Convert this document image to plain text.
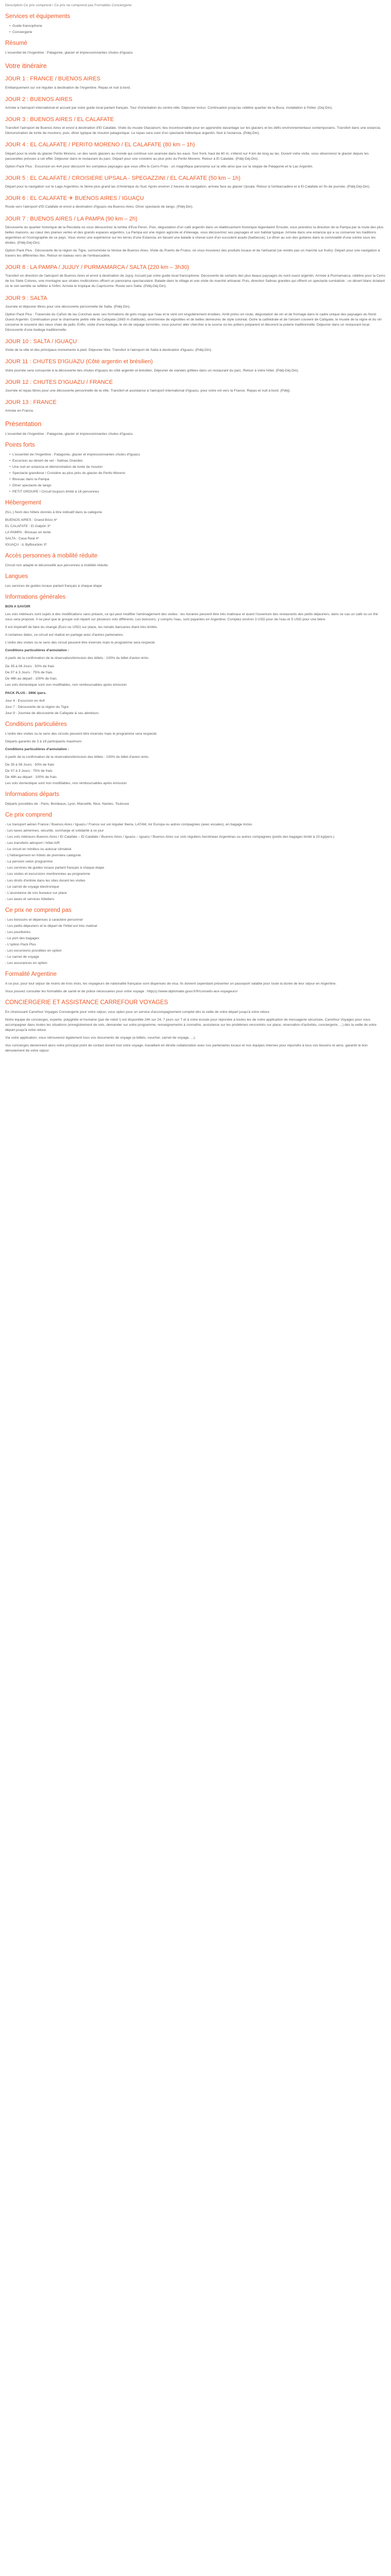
Description Ce prix comprend / Ce prix ne comprend pas Formalités Conciergerie
Services et équipements
• Guide francophone
• Conciergerie
Résumé

L'essentiel de l'Argentine : Patagonie, glacier et impressionnantes chutes d'Iguazu

Votre itinéraire
JOUR 1 : FRANCE / BUENOS AIRES

Embarquement sur vol régulier à destination de l'Argentine. Repas et nuit à bord.

JOUR 2 : BUENOS AIRES

Arrivée à l'aéroport international et accueil par votre guide local parlant français. Tour d'orientation du centre-ville. Déjeuner inclus. Continuation jusqu'au célèbre quartier de la Boca. Installation à l'hôtel. (Dej-Din).

JOUR 3 : BUENOS AIRES / EL CALAFATE

Transfert l'aéroport de Buenos Aires et envol à destination d'El Calafate. Visite du musée Glaciarium, lieu incontournable pour en apprendre davantage sur les glaciers et les défis environnementaux contemporains. Transfert dans une estancia. Démonstration de tonte de moutons, puis, dîner typique de mouton patagonique. Le repas sera suivi d'un spectacle folklorique argentin. Nuit à l'estancia. (Pdéj-Din).

JOUR 4 : EL CALAFATE / PERITO MORENO / EL CALAFATE (80 km – 1h)

Départ pour la visite du glacier Perito Moreno, un des seuls glaciers au monde qui continue son avancée dans les eaux. Son front, haut de 60 m, s'étend sur 4 km de long au lac. Durant votre visite, vous observerez le glacier depuis les passerelles prévues à cet effet. Déjeuner dans le restaurant du parc. Départ pour une croisière au plus près du Perito Moreno. Retour à El Calafate. (Pdéj-Déj-Din).

Option Pack Plus : Excursion en 4x4 pour découvrir les sompteux paysages que vous offre le Cerro Frias : un magnifique panorama sur la ville ainsi que sur la steppe de Patagonie et le Lac Argentin.

JOUR 5 : EL CALAFATE / CROISIERE UPSALA - SPEGAZZINI / EL CALAFATE (50 km – 1h)

Départ pour la navigation sur le Lago Argentino, le 3ème plus grand lac d'Amérique du Sud. Après environ 2 heures de navigation, arrivée face au glacier Upsala. Retour à l'embarcadère et à El Calafate en fin de journée. (Pdéj-Déj-Din).

JOUR 6 : EL CALAFATE ✈ BUENOS AIRES / IGUAÇU

Route vers l'aéroport d'El Calafate et envol à destination d'Iguazu via Buenos Aires. Dîner spectacle de tango. (Pdéj-Din).

JOUR 7 : BUENOS AIRES / LA PAMPA (90 km – 2h)

Découverte du quartier historique de la Recoleta où vous découvrirez la tombe d'Eva Peron. Puis, dégustation d'un café argentin dans un établissement historique légendaire! Ensuite, vous prendrez la direction de la Pampa par la route des plus belles maisons, au cœur des plaines vertes et des grands espaces argentins. La Pampa est une région agricole et d'élevage, vous découvrirez ses paysages et son habitat typique. Arrivée dans une estancia qui a su conserver les traditions argentines et l'iconographie de ce pays. Vous vivrez une expérience sur les terres d'une Estancia, en faisant une balade à cheval suivi d'un succulent asado (barbecue). Le dîner au son des guitares dans la convivialité d'une soirée sous les étoiles. (Pdéj-Déj-Din).

Option Pack Plus : Découverte de la région du Tigre, surnommée la Venise de Buenos Aires. Visite du Puerto de Frutos, où vous trouverez des produits locaux et de l'artisanat (se rendre pas un marché sur fruits). Départ pour une navigation à travers les différentes îles. Retour en bateau vers de l'embarcadère.

JOUR 8 : LA PAMPA / JUJUY / PURMAMARCA / SALTA (220 km – 3h30)

Transfert en direction de l'aéroport de Buenos Aires et envol à destination de Jujuy. Accueil par votre guide local francophone. Découverte de certains des plus beaux paysages du nord ouest argentin. Arrivée à Purmamarca, célèbre pour la Cerro de los Siete Colores, une montagne aux strates multicolores offrant un panorama spectaculaire. Balade dans le village et une visite du marché artisanal. Puis, direction Salinas grandes qui offrent un spectacle surréaliste : un désert blanc éclatant où le ciel semble se refléter à l'infini. Arrivée le tropique du Capricorne. Route vers Salta. (Pdéj-Déj-Din).

JOUR 9 : SALTA

Journée et déjeuner libres pour une découverte personnelle de Salta. (Pdéj-Din).

Option Pack Plus : Traversée du Cañon de las Conchas avec ses formations de grès rouge que l'eau et le vent ont singulièrement érodées. Arrêt prévu en route, dégustation de vin et de fromage dans le cadre unique des paysages du Nord-Ouest Argentin. Continuation pour le charmante petite ville de Cafayate (1683 m d'altitude), environnée de vignobles et de belles demeures de style colonial. Outre la cathédrale et de l'ancien couvent de Cafayate, le musée de la vigne et du vin conserve le souvenir des vieux chais de jadis. Enfin, visite d'une bodega, le vin de cépage torrontés, vous pourrez aller chercher à la source où les potiers préparent et décorent la poterie traditionnelle. Déjeuner dans un restaurant local. Découverte d'une bodega traditionnelle.

JOUR 10 : SALTA / IGUAÇU

Visite de la ville et des principaux monuments à pied. Déjeuner libre. Transfert à l'aéroport de Salta à destination d'Iguazu. (Pdéj-Din).

JOUR 11 : CHUTES D'IGUAZU (Côté argentin et brésilien)

Votre journée sera consacrée à la découverte des chutes d'Iguazu du côté argentin et brésilien. Déjeuner de viandes grillées dans un restaurant du parc. Retour à votre hôtel. (Pdéj-Déj-Din).

JOUR 12 : CHUTES D'IGUAZU / FRANCE

Journée et repas libres pour une découverte personnelle de la ville. Transfert et assistance à l'aéroport international d'Iguazu, pour votre vol vers la France. Repas et nuit à bord. (Pdéj).

JOUR 13 : FRANCE

Arrivée en France.

Présentation

L'essentiel de l'Argentine : Patagonie, glacier et impressionnantes chutes d'Iguazu

Points forts
• L'essentiel de l'Argentine : Patagonie, glacier et impressionnantes chutes d'Iguazu
• Excursion au désert de sel - Salinas Grandes
• Une nuit en estancia et démonstration de tonte de mouton
• Spectacle grandiose ! Croisière au plus près du glacier de Perito Moreno
• Bivouac dans la Pampa
• Dîner spectacle de tango
• PETIT GROUPE ! Circuit toujours limité à 18 personnes
Hébergement

(N.L.) Nom des hôtels donnés à titre indicatif dans la catégorie

BUENOS AIRES : Grand Brizo 4*
EL CALAFATE : El Galpón 3*
LA PAMPA : Bivouac en tente
SALTA : Casa Real 4*
IGUAÇU : iL ByBourbon 3*
Accès personnes à mobilité réduite

Circuit non adapté et déconseillé aux personnes à mobilité réduite.

Langues

Les services de guides locaux parlant français à chaque étape

Informations générales

BON A SAVOIR

Les vols intérieurs sont sujets à des modifications sans préavis, ce qui peut modifier l'aménagement des visites : les horaires peuvent être très matinaux et avant l'ouverture des restaurants des petits déjeuners, dans ce cas un café ou un thé vous sera proposé. Il se peut que le groupe soit réparti sur plusieurs vols différents. Les boissons, y compris l'eau, sont payantes en Argentine. Comptez environ 3 USD pour de l'eau et 5 USD pour une bière.

Il est impératif de faire du change (Euro ou USD) sur place, les retraits bancaires étant très limités.

A certaines dates, ce circuit est réalisé en partage avec d'autres partenaires.

L'ordre des visites ou le sens des circuit peuvent être inversés mais le programme sera respecté.

Conditions particulières d'annulation :

A partir de la confirmation de la réservation/émission des billets : 100% du billet d'avion émis

De 35 à 08 Jours : 50% de frais
De 07 à 3 Jours : 75% de frais
De 48h au départ : 100% de frais
Les vols domestique sont non modifiables, non remboursables après émission

PACK PLUS : 390€ /pers.

Jour 4 : Excursion en 4x4
Jour 7 : Découverte de la région du Tigre
Jour 9 : Journée de découverte de Cafayate & ses alentours
Conditions particulières

L'ordre des visites ou le sens des circuits peuvent être inversés mais le programme sera respecté.

Départs garantis de 3 à 18 participants maximum

Conditions particulières d'annulation :

A partir de la confirmation de la réservation/émission des billets : 100% du billet d'avion émis

De 35 à 08 Jours : 50% de frais
De 07 à 3 Jours : 75% de frais
De 48h au départ : 100% de frais
Les vols domestique sont non modifiables, non remboursables après émission
Informations départs

Départs possibles de : Paris, Bordeaux, Lyon, Marseille, Nice, Nantes, Toulouse

Ce prix comprend
- Le transport aérien France / Buenos Aires / Iguazu / France sur vol régulier Iberia, LATAM, Air Europa ou autres compagnies (avec escales), en bagage inclus
- Les taxes aériennes, sécurité, surcharge et solidarité à ce jour
- Les vols intérieurs Buenos Aires / El Calafate – El Calafate / Buenos Aires / Iguazu – Iguazu / Buenos Aires sur vols réguliers Aerolineas Argentinas ou autres compagnies (poids des bagages limité à 23 kg/pers.)
- Les transferts aéroport / hôtel A/R
- Le circuit en minibus ou autocar climatisé
- L'hébergement en hôtels de première catégorie
- La pension selon programme
- Les services de guides locaux parlant français à chaque étape
- Les visites et excursions mentionnées au programme
- Les droits d'entrée dans les sites durant les visites
- Le carnet de voyage électronique
- L'assistance de nos bureaux sur place
- Les taxes et services hôteliers
Ce prix ne comprend pas
- Les boissons et dépenses à caractère personnel
- Les petits-déjeuners et le départ de l'hôtel est très matinal
- Les pourboires
- Le port des bagages
- L'option Pack Plus
- Les excursions possibles en option
- Le carnet de voyage
- Les assurances en option
Formalité Argentine

A ce jour, pour tout séjour de moins de trois mois, les voyageurs de nationalité française sont dispensés de visa. Ils doivent cependant présenter un passeport valable pour toute la durée de leur séjour en Argentine.

Vous pouvez consulter les formalités de santé et de police nécessaires pour votre voyage : http(s)://www.diplomatie.gouv.fr/fr/conseils-aux-voyageurs/

CONCIERGERIE ET ASSISTANCE CARREFOUR VOYAGES

En choisissant Carrefour Voyages Conciergerie pour votre séjour, vous optez pour un service d'accompagnement complet dès la veille de votre départ jusqu'à votre retour.

Notre équipe de concierges, experte, polyglotte et humaine (par de robot !) est disponible 24h sur 24, 7 jours sur 7 et à votre écoute pour répondre à toutes les de notre application de messagerie sécurisée, Carrefour Voyages pour vous accompagner dans toutes les situations (enregistrement de vols, demander sur votre programme, renseignements à connaître, assistance sur les problèmes rencontrés sur place, réservation d'activités, conciergerie, ...) dès la veille de votre départ jusqu'à votre retour.

Via votre application, vous retrouverez également tous vos documents de voyage (e-billets, voucher, carnet de voyage, ...).

Vos concierges deviennent alors votre principal point de contact durant tout votre voyage, travaillant en étroite collaboration avec nos partenaires locaux et nos équipes internes pour répondre à tous vos besoins et ainsi, garantir le bon déroulement de votre séjour.
